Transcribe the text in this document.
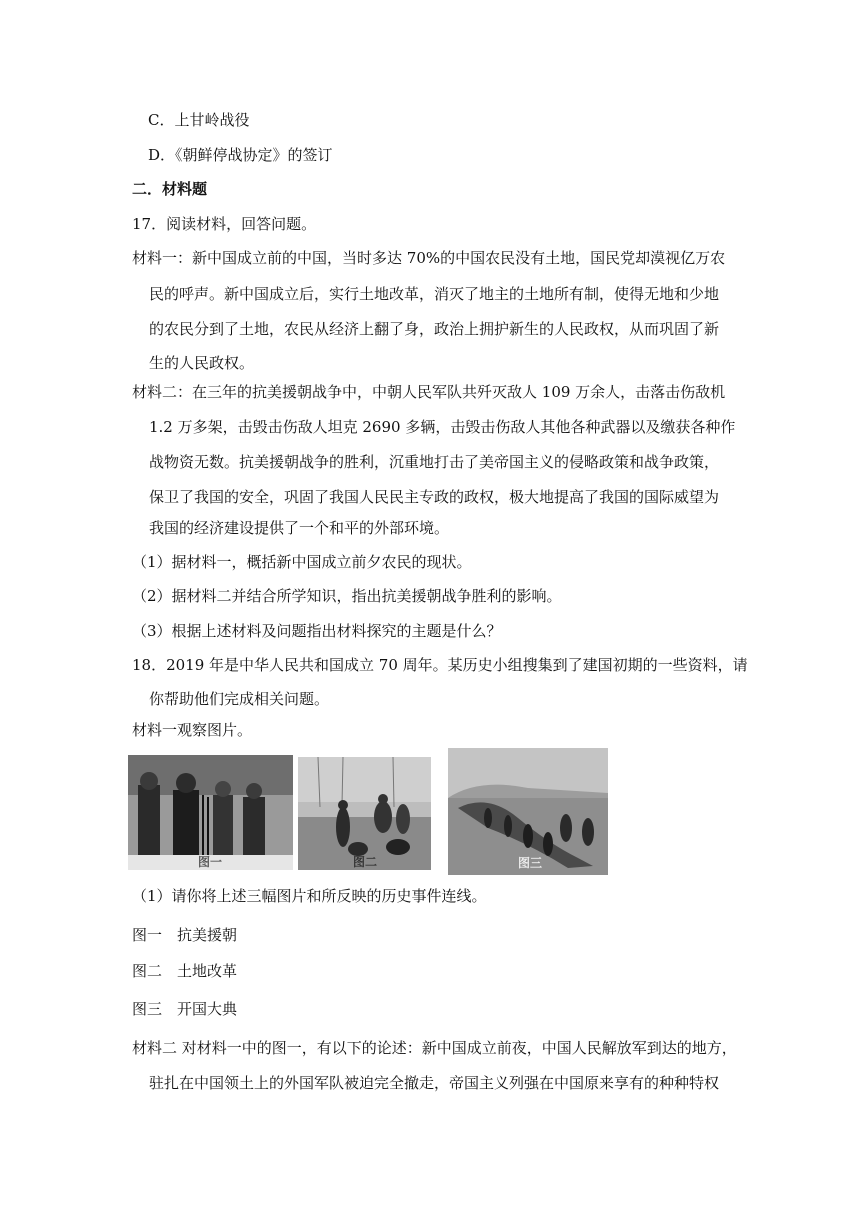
C．上甘岭战役
D．《朝鲜停战协定》的签订
二．材料题
17．阅读材料，回答问题。
材料一：新中国成立前的中国，当时多达 70%的中国农民没有土地，国民党却漠视亿万农
民的呼声。新中国成立后，实行土地改革，消灭了地主的土地所有制，使得无地和少地
的农民分到了土地，农民从经济上翻了身，政治上拥护新生的人民政权，从而巩固了新
生的人民政权。
材料二：在三年的抗美援朝战争中，中朝人民军队共歼灭敌人 109 万余人，击落击伤敌机
1.2 万多架，击毁击伤敌人坦克 2690 多辆，击毁击伤敌人其他各种武器以及缴获各种作
战物资无数。抗美援朝战争的胜利，沉重地打击了美帝国主义的侵略政策和战争政策，
保卫了我国的安全，巩固了我国人民民主专政的政权，极大地提高了我国的国际威望为
我国的经济建设提供了一个和平的外部环境。
（1）据材料一，概括新中国成立前夕农民的现状。
（2）据材料二并结合所学知识，指出抗美援朝战争胜利的影响。
（3）根据上述材料及问题指出材料探究的主题是什么？
18．2019 年是中华人民共和国成立 70 周年。某历史小组搜集到了建国初期的一些资料，请
你帮助他们完成相关问题。
材料一观察图片。
图一	图二	图三
（1）请你将上述三幅图片和所反映的历史事件连线。
图一　抗美援朝
图二　土地改革
图三　开国大典
材料二 对材料一中的图一，有以下的论述：新中国成立前夜，中国人民解放军到达的地方，
驻扎在中国领土上的外国军队被迫完全撤走，帝国主义列强在中国原来享有的种种特权
